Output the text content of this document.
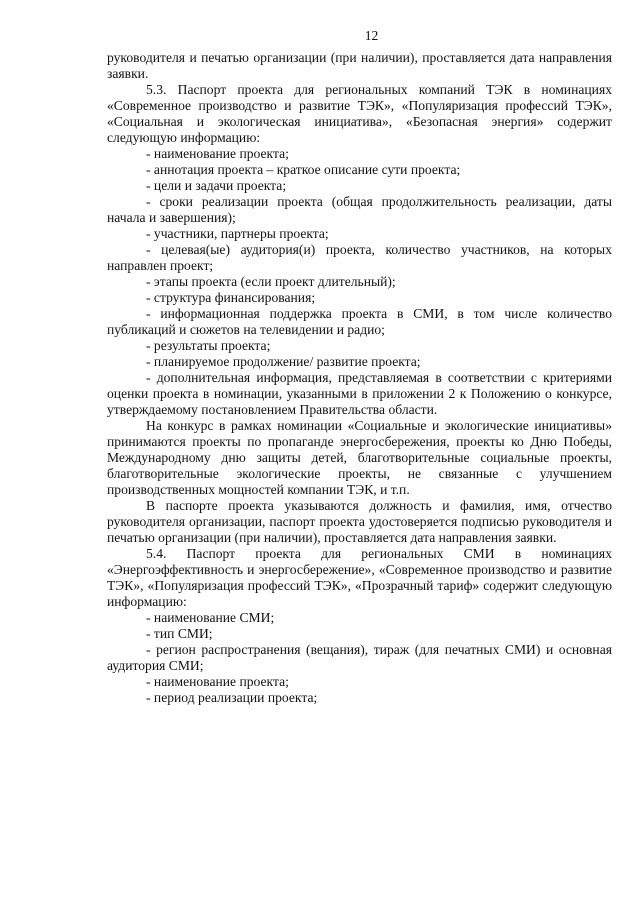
12

руководителя и печатью организации (при наличии), проставляется дата направления заявки.

5.3. Паспорт проекта для региональных компаний ТЭК в номинациях «Современное производство и развитие ТЭК», «Популяризация профессий ТЭК», «Социальная и экологическая инициатива», «Безопасная энергия» содержит следующую информацию:

- наименование проекта;

- аннотация проекта – краткое описание сути проекта;

- цели и задачи проекта;

- сроки реализации проекта (общая продолжительность реализации, даты начала и завершения);

- участники, партнеры проекта;

- целевая(ые) аудитория(и) проекта, количество участников, на которых направлен проект;

- этапы проекта (если проект длительный);

- структура финансирования;

- информационная поддержка проекта в СМИ, в том числе количество публикаций и сюжетов на телевидении и радио;

- результаты проекта;

- планируемое продолжение/ развитие проекта;

- дополнительная информация, представляемая в соответствии с критериями оценки проекта в номинации, указанными в приложении 2 к Положению о конкурсе, утверждаемому постановлением Правительства области.

На конкурс в рамках номинации «Социальные и экологические инициативы» принимаются проекты по пропаганде энергосбережения, проекты ко Дню Победы, Международному дню защиты детей, благотворительные социальные проекты, благотворительные экологические проекты, не связанные с улучшением производственных мощностей компании ТЭК, и т.п.

В паспорте проекта указываются должность и фамилия, имя, отчество руководителя организации, паспорт проекта удостоверяется подписью руководителя и печатью организации (при наличии), проставляется дата направления заявки.

5.4. Паспорт проекта для региональных СМИ в номинациях «Энергоэффективность и энергосбережение», «Современное производство и развитие ТЭК», «Популяризация профессий ТЭК», «Прозрачный тариф» содержит следующую информацию:

- наименование СМИ;

- тип СМИ;

- регион распространения (вещания), тираж (для печатных СМИ) и основная аудитория СМИ;

- наименование проекта;

- период реализации проекта;
